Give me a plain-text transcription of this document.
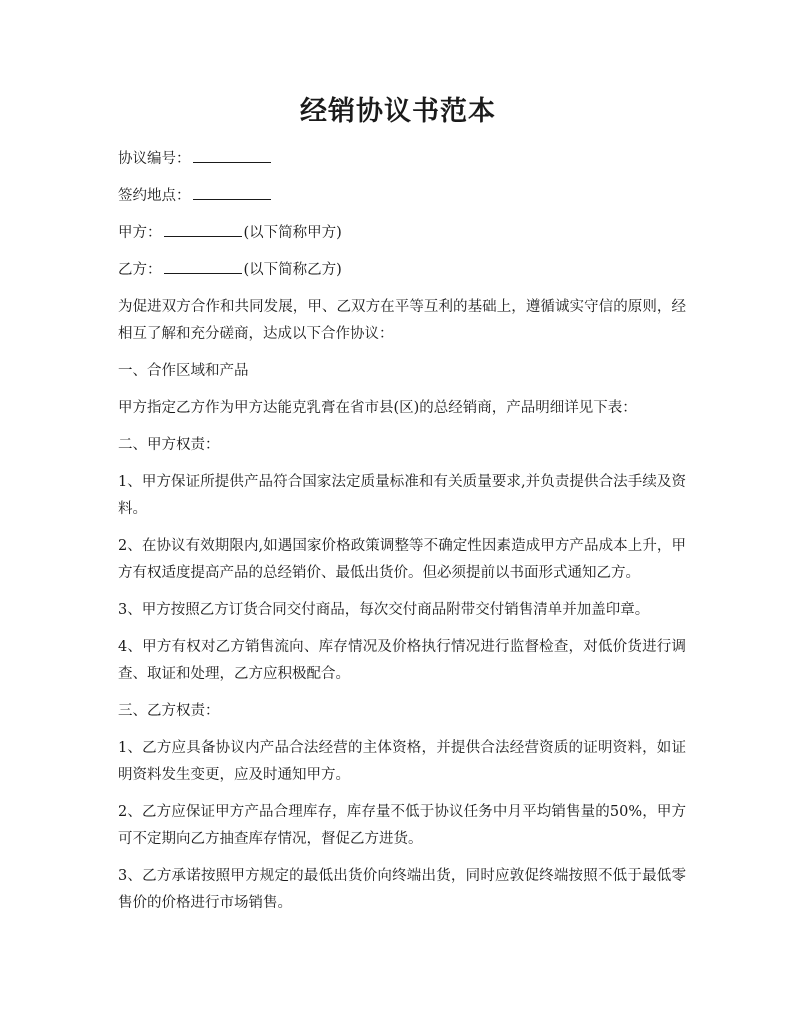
经销协议书范本

协议编号：

签约地点：

甲方：	(以下简称甲方)

乙方：	(以下简称乙方)

为促进双方合作和共同发展，甲、乙双方在平等互利的基础上，遵循诚实守信的原则，经相互了解和充分磋商，达成以下合作协议：

一、合作区域和产品

甲方指定乙方作为甲方达能克乳膏在省市县(区)的总经销商，产品明细详见下表：

二、甲方权责：

1、甲方保证所提供产品符合国家法定质量标准和有关质量要求,并负责提供合法手续及资料。

2、在协议有效期限内,如遇国家价格政策调整等不确定性因素造成甲方产品成本上升，甲方有权适度提高产品的总经销价、最低出货价。但必须提前以书面形式通知乙方。

3、甲方按照乙方订货合同交付商品，每次交付商品附带交付销售清单并加盖印章。

4、甲方有权对乙方销售流向、库存情况及价格执行情况进行监督检查，对低价货进行调查、取证和处理，乙方应积极配合。

三、乙方权责：

1、乙方应具备协议内产品合法经营的主体资格，并提供合法经营资质的证明资料，如证明资料发生变更，应及时通知甲方。

2、乙方应保证甲方产品合理库存，库存量不低于协议任务中月平均销售量的50%，甲方可不定期向乙方抽查库存情况，督促乙方进货。

3、乙方承诺按照甲方规定的最低出货价向终端出货，同时应敦促终端按照不低于最低零售价的价格进行市场销售。
